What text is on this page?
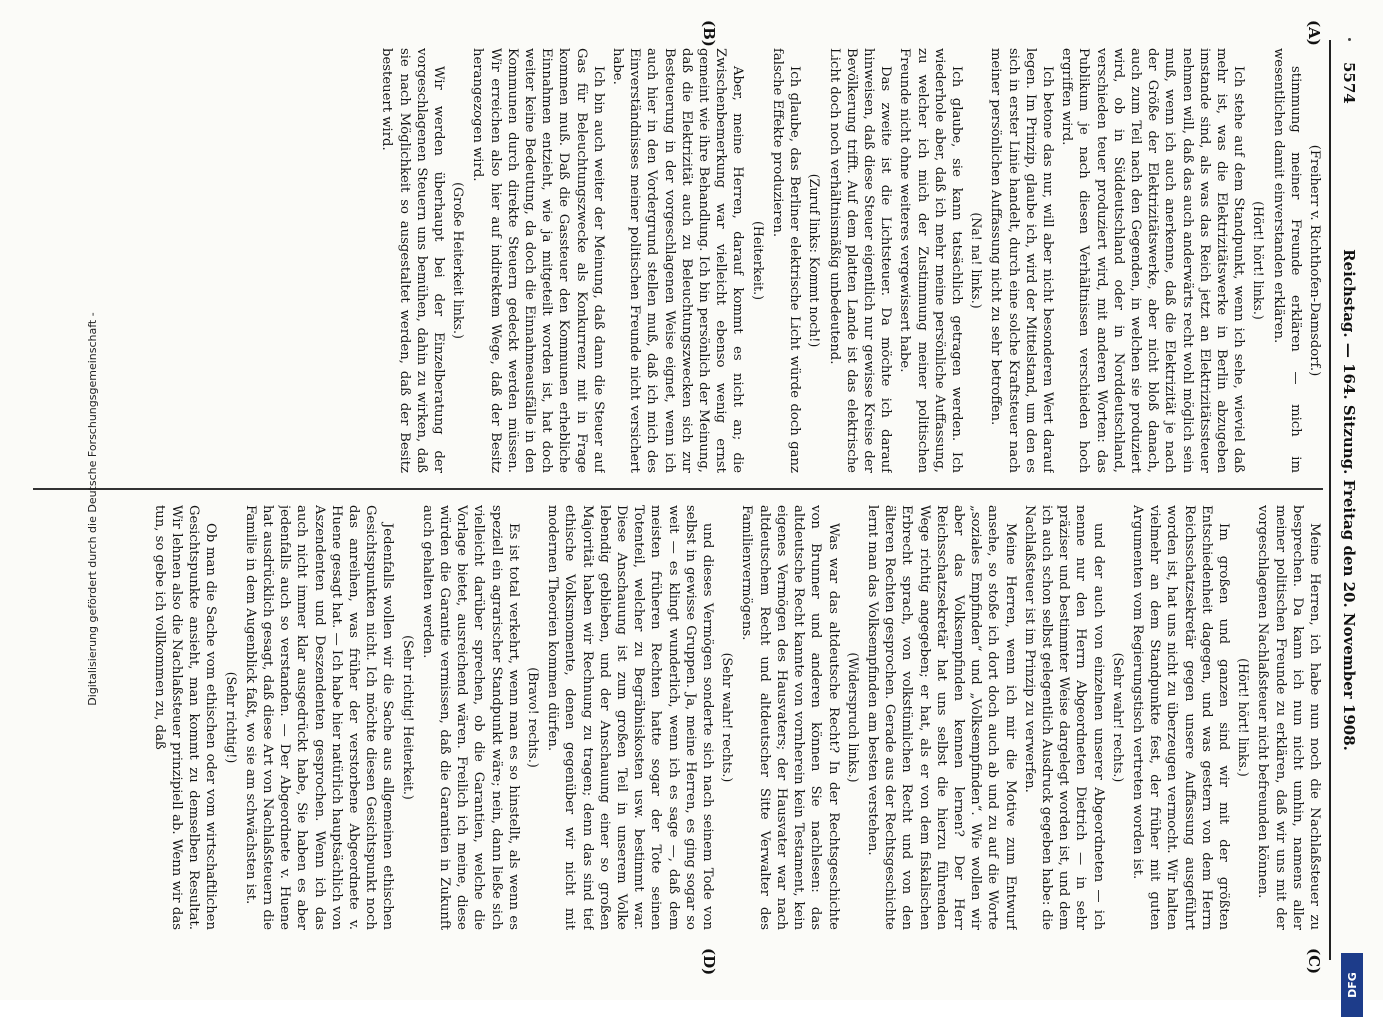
5574
Reichstag. — 164. Sitzung. Freitag den 20. November 1908.
(A)
(B)
(C)
(D)

(Freiherr v. Richthofen-Damsdorf.)

stimmung meiner Freunde erklären — mich im wesentlichen damit einverstanden erklären.

(Hört! hört! links.)

Ich stehe auf dem Standpunkt, wenn ich sehe, wieviel daß mehr ist, was die Elektrizitätswerke in Berlin abzugeben imstande sind, als was das Reich jetzt an Elektrizitätssteuer nehmen will, daß das auch anderwärts recht wohl möglich sein muß, wenn ich auch anerkenne, daß die Elektrizität je nach der Größe der Elektrizitätswerke, aber nicht bloß danach, auch zum Teil nach den Gegenden, in welchen sie produziert wird, ob in Süddeutschland oder in Norddeutschland, verschieden teuer produziert wird, mit anderen Worten: das Publikum je nach diesen Verhältnissen verschieden hoch ergriffen wird.

Ich betone das nur, will aber nicht besonderen Wert darauf legen. Im Prinzip, glaube ich, wird der Mittelstand, um den es sich in erster Linie handelt, durch eine solche Kraftsteuer nach meiner persönlichen Auffassung nicht zu sehr betroffen.

(Na! na! links.)

Ich glaube, sie kann tatsächlich getragen werden. Ich wiederhole aber, daß ich mehr meine persönliche Auffassung, zu welcher ich mich der Zustimmung meiner politischen Freunde nicht ohne weiteres vergewissert habe.

Das zweite ist die Lichtsteuer. Da möchte ich darauf hinweisen, daß diese Steuer eigentlich nur gewisse Kreise der Bevölkerung trifft. Auf dem platten Lande ist das elektrische Licht doch noch verhältnismäßig unbedeutend.

(Zuruf links: Kommt noch!)

Ich glaube, das Berliner elektrische Licht würde doch ganz falsche Effekte produzieren.

(Heiterkeit.)

Aber, meine Herren, darauf kommt es nicht an; die Zwischenbemerkung war vielleicht ebenso wenig ernst gemeint wie ihre Behandlung. Ich bin persönlich der Meinung, daß die Elektrizität auch zu Beleuchtungszwecken sich zur Besteuerung in der vorgeschlagenen Weise eignet, wenn ich auch hier in den Vordergrund stellen muß, daß ich mich des Einverständnisses meiner politischen Freunde nicht versichert habe.

Ich bin auch weiter der Meinung, daß dann die Steuer auf Gas für Beleuchtungszwecke als Konkurrenz mit in Frage kommen muß. Daß die Gassteuer den Kommunen erhebliche Einnahmen entzieht, wie ja mitgeteilt worden ist, hat doch weiter keine Bedeutung, da doch die Einnahmeausfälle in den Kommunen durch direkte Steuern gedeckt werden müssen. Wir erreichen also hier auf indirektem Wege, daß der Besitz herangezogen wird.

(Große Heiterkeit links.)

Wir werden überhaupt bei der Einzelberatung der vorgeschlagenen Steuern uns bemühen, dahin zu wirken, daß sie nach Möglichkeit so ausgestaltet werden, daß der Besitz besteuert wird.

Meine Herren, ich habe nun noch die Nachlaßsteuer zu besprechen. Da kann ich nun nicht umhin, namens aller meiner politischen Freunde zu erklären, daß wir uns mit der vorgeschlagenen Nachlaßsteuer nicht befreunden können.

(Hört! hört! links.)

Im großen und ganzen sind wir mit der größten Entschiedenheit dagegen, und was gestern von dem Herrn Reichsschatzsekretär gegen unsere Auffassung ausgeführt worden ist, hat uns nicht zu überzeugen vermocht. Wir halten vielmehr an dem Standpunkte fest, der früher mit guten Argumenten vom Regierungstisch vertreten worden ist.

(Sehr wahr! rechts.)

und der auch von einzelnen unserer Abgeordneten — ich nenne nur den Herrn Abgeordneten Dietrich — in sehr präziser und bestimmter Weise dargelegt worden ist, und dem ich auch schon selbst gelegentlich Ausdruck gegeben habe: die Nachlaßsteuer ist im Prinzip zu verwerfen.

Meine Herren, wenn ich mir die Motive zum Entwurf ansehe, so stoße ich dort doch auch ab und zu auf die Worte „soziales Empfinden“ und „Volksempfinden“. Wie wollen wir aber das Volksempfinden kennen lernen? Der Herr Reichsschatzsekretär hat uns selbst die hierzu führenden Wege richtig angegeben; er hat, als er von dem fiskalischen Erbrecht sprach, von volkstümlichen Recht und von den älteren Rechten gesprochen. Gerade aus der Rechtsgeschichte lernt man das Volksempfinden am besten verstehen.

(Widerspruch links.)

Was war das altdeutsche Recht? In der Rechtsgeschichte von Brunner und anderen können Sie nachlesen: das altdeutsche Recht kannte von vornherein kein Testament, kein eigenes Vermögen des Hausvaters; der Hausvater war nach altdeutschem Recht und altdeutscher Sitte Verwalter des Familienvermögens.

(Sehr wahr! rechts.)

und dieses Vermögen sonderte sich nach seinem Tode von selbst in gewisse Gruppen. Ja, meine Herren, es ging sogar so weit — es klingt wunderlich, wenn ich es sage —, daß dem meisten früheren Rechten hatte sogar der Tote seinen Totenteil, welcher zu Begräbniskosten usw. bestimmt war. Diese Anschauung ist zum großen Teil in unserem Volke lebendig geblieben, und der Anschauung einer so großen Majorität haben wir Rechnung zu tragen; denn das sind tief ethische Volksmomente, denen gegenüber wir nicht mit modernen Theorien kommen dürfen.

(Bravo! rechts.)

Es ist total verkehrt, wenn man es so hinstellt, als wenn es speziell ein agrarischer Standpunkt wäre; nein, dann ließe sich vielleicht darüber sprechen, ob die Garantien, welche die Vorlage bietet, ausreichend wären. Freilich ich meine, diese würden die Garantie vermissen, daß die Garantien in Zukunft auch gehalten werden.

(Sehr richtig! Heiterkeit.)

Jedenfalls wollen wir die Sache aus allgemeinen ethischen Gesichtspunkten nicht. Ich möchte diesen Gesichtspunkt noch das anreihen, was früher der verstorbene Abgeordnete v. Huene gesagt hat. — Ich habe hier natürlich hauptsächlich von Aszendenten und Deszendenten gesprochen. Wenn ich das auch nicht immer klar ausgedrückt habe, Sie haben es aber jedenfalls auch so verstanden. — Der Abgeordnete v. Huene hat ausdrücklich gesagt, daß diese Art von Nachlaßsteuern die Familie in dem Augenblick faßt, wo sie am schwächsten ist.

(Sehr richtig!)

Ob man die Sache vom ethischen oder vom wirtschaftlichen Gesichtspunkte ansieht, man kommt zu demselben Resultat. Wir lehnen also die Nachlaßsteuer prinzipiell ab. Wenn wir das tun, so gebe ich vollkommen zu, daß

Digitalisierung gefördert durch die Deutsche Forschungsgemeinschaft -
DFG
